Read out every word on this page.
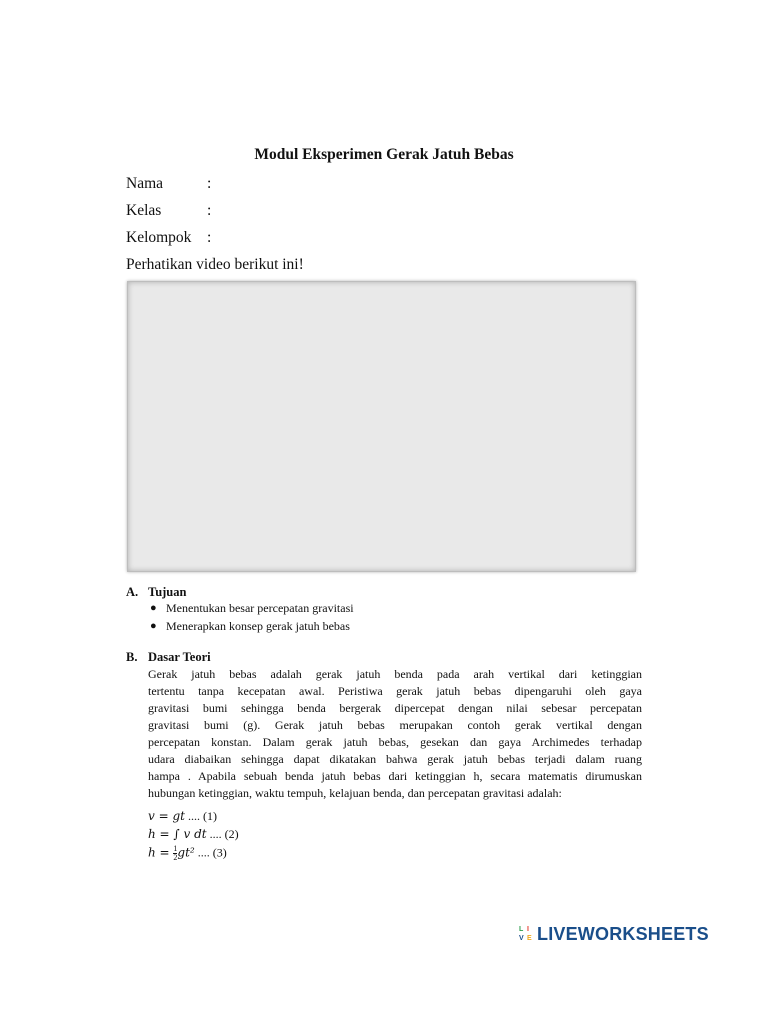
Modul Eksperimen Gerak Jatuh Bebas
Nama	:
Kelas	:
Kelompok :
Perhatikan video berikut ini!
A. Tujuan
● Menentukan besar percepatan gravitasi
● Menerapkan konsep gerak jatuh bebas
B. Dasar Teori
Gerak jatuh bebas adalah gerak jatuh benda pada arah vertikal dari ketinggian
tertentu tanpa kecepatan awal. Peristiwa gerak jatuh bebas dipengaruhi oleh gaya
gravitasi bumi sehingga benda bergerak dipercepat dengan nilai sebesar percepatan
gravitasi bumi (g). Gerak jatuh bebas merupakan contoh gerak vertikal dengan
percepatan konstan. Dalam gerak jatuh bebas, gesekan dan gaya Archimedes terhadap
udara diabaikan sehingga dapat dikatakan bahwa gerak jatuh bebas terjadi dalam ruang
hampa . Apabila sebuah benda jatuh bebas dari ketinggian h, secara matematis dirumuskan
hubungan ketinggian, waktu tempuh, kelajuan benda, dan percepatan gravitasi adalah:
v = gt .... (1)
ℎ = ∫ v dt .... (2)
ℎ = $\frac{1}{2} gt^2$ .... (3)
L I
V E LIVEWORKSHEETS
